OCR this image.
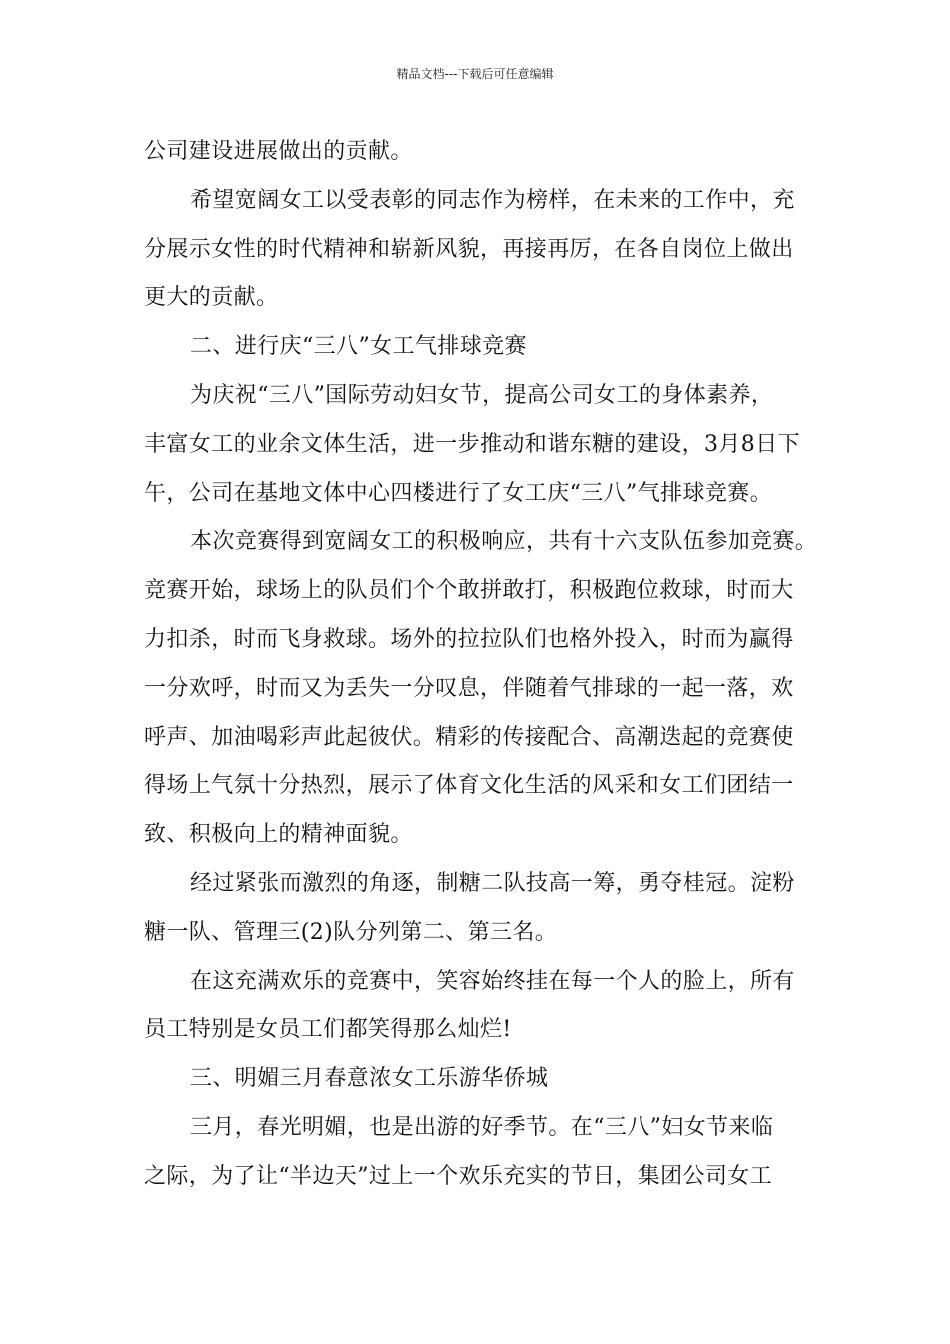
精品文档---下载后可任意编辑
公司建设进展做出的贡献。
希望宽阔女工以受表彰的同志作为榜样，在未来的工作中，充
分展示女性的时代精神和崭新风貌，再接再厉，在各自岗位上做出
更大的贡献。
二、进行庆“三八”女工气排球竞赛
为庆祝“三八”国际劳动妇女节，提高公司女工的身体素养，
丰富女工的业余文体生活，进一步推动和谐东糖的建设，3月8日下
午，公司在基地文体中心四楼进行了女工庆“三八”气排球竞赛。
本次竞赛得到宽阔女工的积极响应，共有十六支队伍参加竞赛。
竞赛开始，球场上的队员们个个敢拼敢打，积极跑位救球，时而大
力扣杀，时而飞身救球。场外的拉拉队们也格外投入，时而为赢得
一分欢呼，时而又为丢失一分叹息，伴随着气排球的一起一落，欢
呼声、加油喝彩声此起彼伏。精彩的传接配合、高潮迭起的竞赛使
得场上气氛十分热烈，展示了体育文化生活的风采和女工们团结一
致、积极向上的精神面貌。
经过紧张而激烈的角逐，制糖二队技高一筹，勇夺桂冠。淀粉
糖一队、管理三(2)队分列第二、第三名。
在这充满欢乐的竞赛中，笑容始终挂在每一个人的脸上，所有
员工特别是女员工们都笑得那么灿烂!
三、明媚三月春意浓女工乐游华侨城
三月，春光明媚，也是出游的好季节。在“三八”妇女节来临
之际，为了让“半边天”过上一个欢乐充实的节日，集团公司女工
